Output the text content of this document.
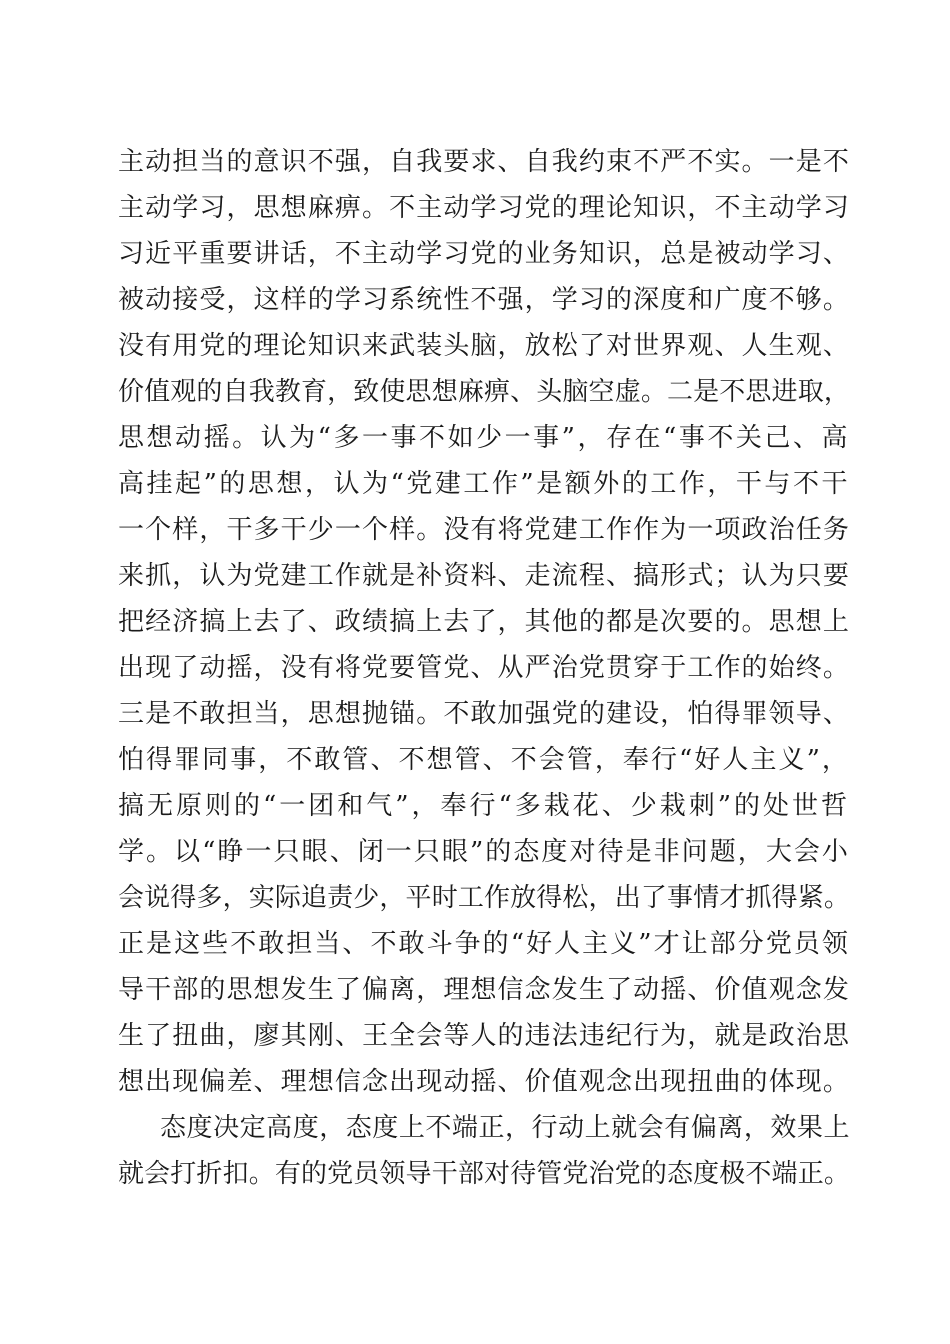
主动担当的意识不强，自我要求、自我约束不严不实。一是不
主动学习，思想麻痹。不主动学习党的理论知识，不主动学习
习近平重要讲话，不主动学习党的业务知识，总是被动学习、
被动接受，这样的学习系统性不强，学习的深度和广度不够。
没有用党的理论知识来武装头脑，放松了对世界观、人生观、
价值观的自我教育，致使思想麻痹、头脑空虚。二是不思进取，
思想动摇。认为“多一事不如少一事”，存在“事不关己、高
高挂起”的思想，认为“党建工作”是额外的工作，干与不干
一个样，干多干少一个样。没有将党建工作作为一项政治任务
来抓，认为党建工作就是补资料、走流程、搞形式；认为只要
把经济搞上去了、政绩搞上去了，其他的都是次要的。思想上
出现了动摇，没有将党要管党、从严治党贯穿于工作的始终。
三是不敢担当，思想抛锚。不敢加强党的建设，怕得罪领导、
怕得罪同事，不敢管、不想管、不会管，奉行“好人主义”，
搞无原则的“一团和气”，奉行“多栽花、少栽刺”的处世哲
学。以“睁一只眼、闭一只眼”的态度对待是非问题，大会小
会说得多，实际追责少，平时工作放得松，出了事情才抓得紧。
正是这些不敢担当、不敢斗争的“好人主义”才让部分党员领
导干部的思想发生了偏离，理想信念发生了动摇、价值观念发
生了扭曲，廖其刚、王全会等人的违法违纪行为，就是政治思
想出现偏差、理想信念出现动摇、价值观念出现扭曲的体现。
态度决定高度，态度上不端正，行动上就会有偏离，效果上
就会打折扣。有的党员领导干部对待管党治党的态度极不端正。
